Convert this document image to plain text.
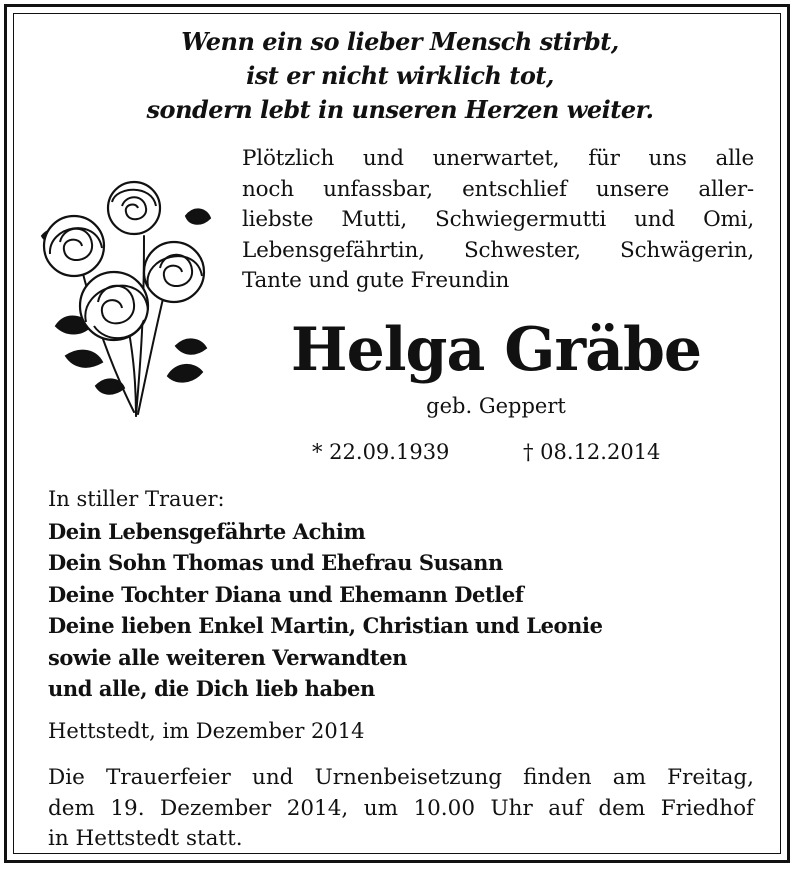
Wenn ein so lieber Mensch stirbt,
ist er nicht wirklich tot,
sondern lebt in unseren Herzen weiter.
Plötzlich und unerwartet, für uns alle
noch unfassbar, entschlief unsere aller-
liebste Mutti, Schwiegermutti und Omi,
Lebensgefährtin, Schwester, Schwägerin,
Tante und gute Freundin
Helga Gräbe
geb. Geppert
* 22.09.1939	† 08.12.2014
In stiller Trauer:
Dein Lebensgefährte Achim
Dein Sohn Thomas und Ehefrau Susann
Deine Tochter Diana und Ehemann Detlef
Deine lieben Enkel Martin, Christian und Leonie
sowie alle weiteren Verwandten
und alle, die Dich lieb haben
Hettstedt, im Dezember 2014
Die Trauerfeier und Urnenbeisetzung finden am Freitag,
dem 19. Dezember 2014, um 10.00 Uhr auf dem Friedhof
in Hettstedt statt.
